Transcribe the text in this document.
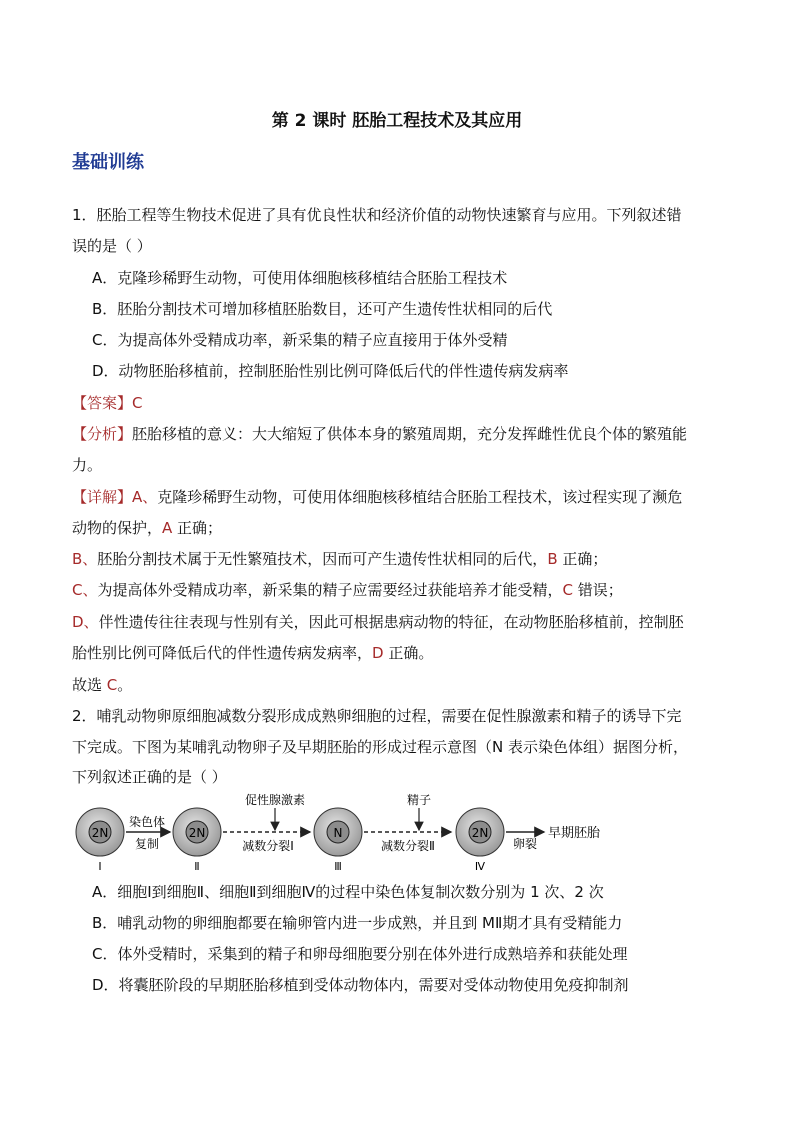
第 2 课时 胚胎工程技术及其应用
基础训练
1．胚胎工程等生物技术促进了具有优良性状和经济价值的动物快速繁育与应用。下列叙述错
误的是（ ）
A．克隆珍稀野生动物，可使用体细胞核移植结合胚胎工程技术
B．胚胎分割技术可增加移植胚胎数目，还可产生遗传性状相同的后代
C．为提高体外受精成功率，新采集的精子应直接用于体外受精
D．动物胚胎移植前，控制胚胎性别比例可降低后代的伴性遗传病发病率
【答案】C
【分析】胚胎移植的意义：大大缩短了供体本身的繁殖周期，充分发挥雌性优良个体的繁殖能
力。
【详解】A、克隆珍稀野生动物，可使用体细胞核移植结合胚胎工程技术，该过程实现了濒危
动物的保护，A 正确；
B、胚胎分割技术属于无性繁殖技术，因而可产生遗传性状相同的后代，B 正确；
C、为提高体外受精成功率，新采集的精子应需要经过获能培养才能受精，C 错误；
D、伴性遗传往往表现与性别有关，因此可根据患病动物的特征，在动物胚胎移植前，控制胚
胎性别比例可降低后代的伴性遗传病发病率，D 正确。
故选 C。
2．哺乳动物卵原细胞减数分裂形成成熟卵细胞的过程，需要在促性腺激素和精子的诱导下完
下完成。下图为某哺乳动物卵子及早期胚胎的形成过程示意图（N 表示染色体组）据图分析，
下列叙述正确的是（ ）
2N
Ⅰ
染色体
复制
2N
Ⅱ
促性腺激素
减数分裂Ⅰ
N
Ⅲ
精子
减数分裂Ⅱ
2N
Ⅳ
卵裂
早期胚胎
A．细胞Ⅰ到细胞Ⅱ、细胞Ⅱ到细胞Ⅳ的过程中染色体复制次数分别为 1 次、2 次
B．哺乳动物的卵细胞都要在输卵管内进一步成熟，并且到 MⅡ期才具有受精能力
C．体外受精时，采集到的精子和卵母细胞要分别在体外进行成熟培养和获能处理
D．将囊胚阶段的早期胚胎移植到受体动物体内，需要对受体动物使用免疫抑制剂
